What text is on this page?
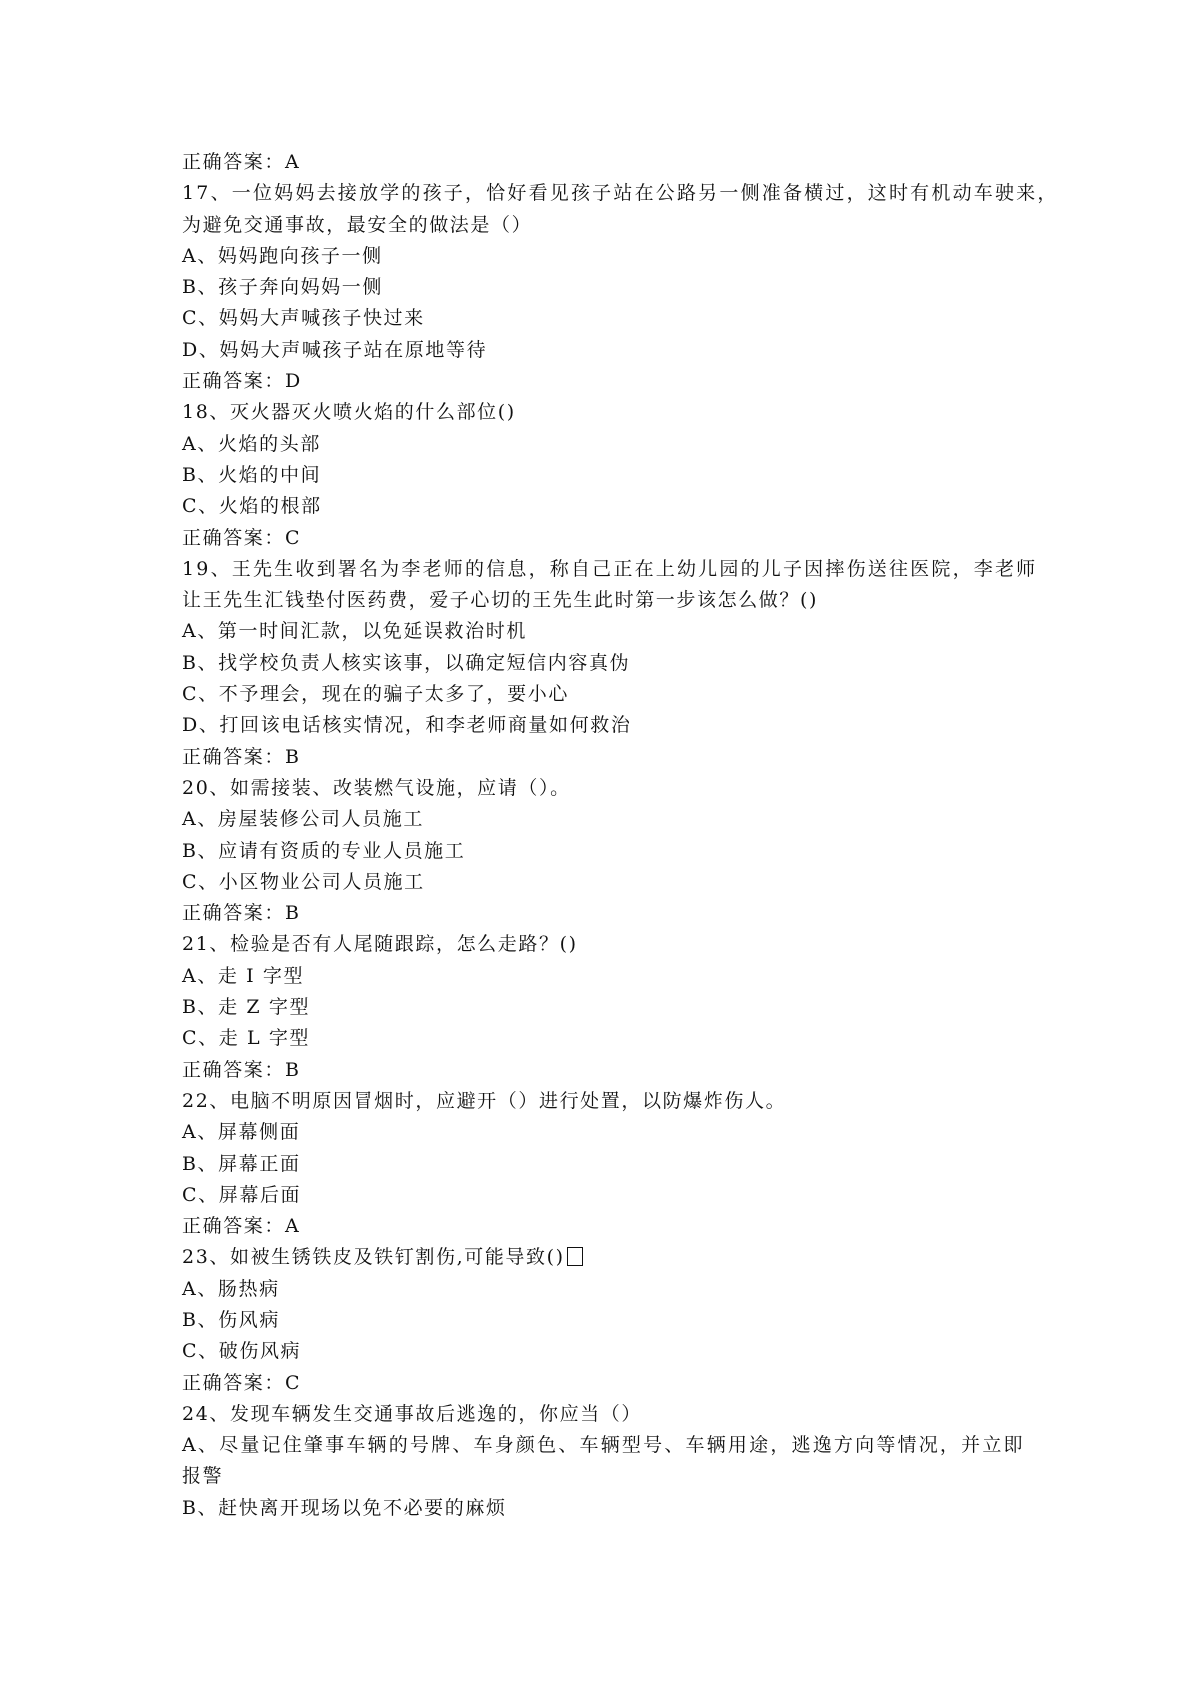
正确答案：A
17、一位妈妈去接放学的孩子，恰好看见孩子站在公路另一侧准备横过，这时有机动车驶来，
为避免交通事故，最安全的做法是（）
A、妈妈跑向孩子一侧
B、孩子奔向妈妈一侧
C、妈妈大声喊孩子快过来
D、妈妈大声喊孩子站在原地等待
正确答案：D
18、灭火器灭火喷火焰的什么部位()
A、火焰的头部
B、火焰的中间
C、火焰的根部
正确答案：C
19、王先生收到署名为李老师的信息，称自己正在上幼儿园的儿子因摔伤送往医院，李老师
让王先生汇钱垫付医药费，爱子心切的王先生此时第一步该怎么做？()
A、第一时间汇款，以免延误救治时机
B、找学校负责人核实该事，以确定短信内容真伪
C、不予理会，现在的骗子太多了，要小心
D、打回该电话核实情况，和李老师商量如何救治
正确答案：B
20、如需接装、改装燃气设施，应请（）。
A、房屋装修公司人员施工
B、应请有资质的专业人员施工
C、小区物业公司人员施工
正确答案：B
21、检验是否有人尾随跟踪，怎么走路？()
A、走 I 字型
B、走 Z 字型
C、走 L 字型
正确答案：B
22、电脑不明原因冒烟时，应避开（）进行处置，以防爆炸伤人。
A、屏幕侧面
B、屏幕正面
C、屏幕后面
正确答案：A
23、如被生锈铁皮及铁钉割伤,可能导致()
A、肠热病
B、伤风病
C、破伤风病
正确答案：C
24、发现车辆发生交通事故后逃逸的，你应当（）
A、尽量记住肇事车辆的号牌、车身颜色、车辆型号、车辆用途，逃逸方向等情况，并立即
报警
B、赶快离开现场以免不必要的麻烦
